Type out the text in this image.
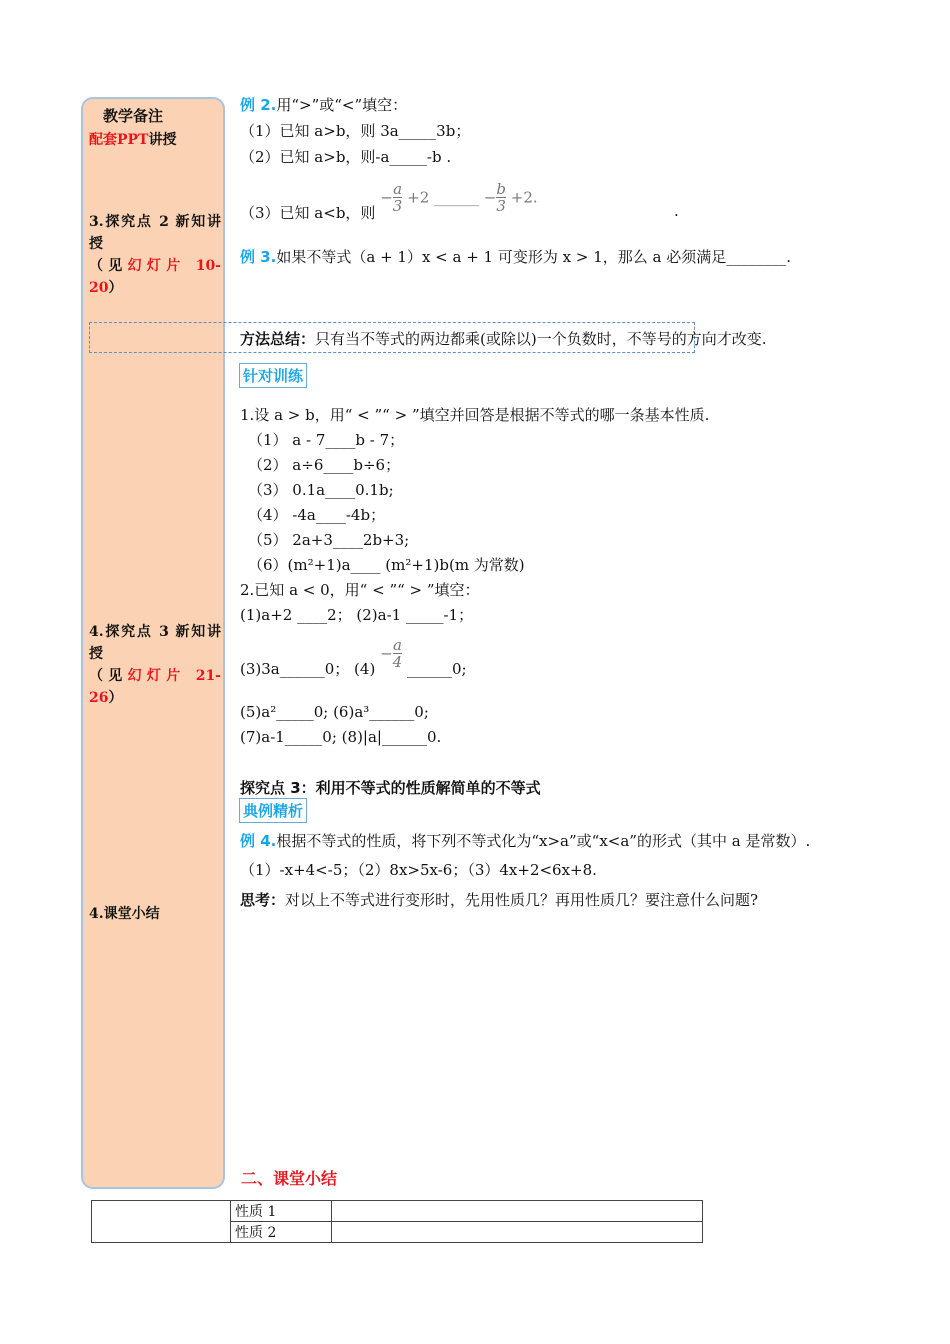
教学备注
配套PPT讲授
3.探究点 2 新知讲授
（见幻灯片 10-20）
4.探究点 3 新知讲授
（见幻灯片 21-26）
4.课堂小结
例 2.用“>”或“<”填空：
（1）已知 a>b，则 3a_____3b；
（2）已知 a>b，则-a_____-b .
（3）已知 a<b，则 − $\frac{a}{3} +2$ ______ − $\frac{b}{3} +2$.
.
例 3.如果不等式（a + 1）x < a + 1 可变形为 x > 1，那么 a 必须满足________.
方法总结：只有当不等式的两边都乘(或除以)一个负数时，不等号的方向才改变.
针对训练
1.设 a > b，用“ < ”“ > ”填空并回答是根据不等式的哪一条基本性质.
（1） a - 7____b - 7；
（2） a÷6____b÷6；
（3） 0.1a____0.1b;
（4） -4a____-4b；
（5） 2a+3____2b+3;
（6）(m²+1)a____ (m²+1)b(m 为常数)
2.已知 a < 0，用“ < ”“ > ”填空：
(1)a+2 ____2； (2)a-1 _____-1；
(3)3a______0； $(4) - \frac{a}{4}$ ______0;
(5)a²_____0; (6)a³______0;
(7)a-1_____0; (8)|a|______0.
探究点 3：利用不等式的性质解简单的不等式
典例精析
例 4.根据不等式的性质，将下列不等式化为“x>a”或“x<a”的形式（其中 a 是常数）.
（1）-x+4<-5；（2）8x>5x-6；（3）4x+2<6x+8.
思考：对以上不等式进行变形时，先用性质几？再用性质几？要注意什么问题?
二、课堂小结
	性质 1	
	性质 2	
